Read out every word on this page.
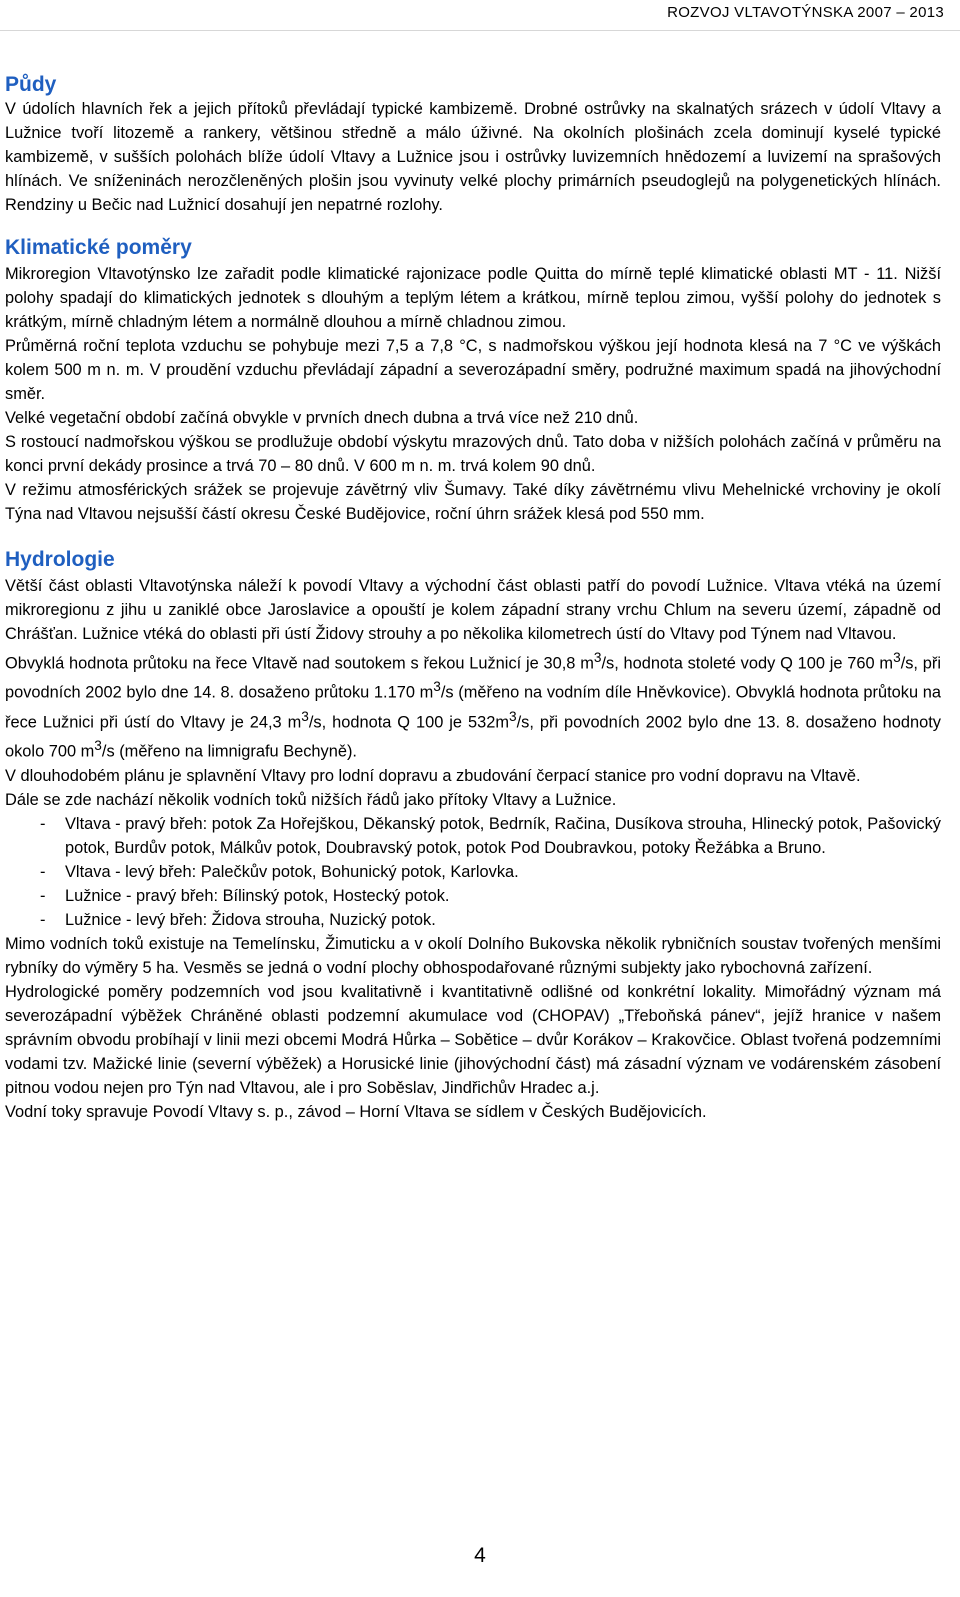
ROZVOJ VLTAVOTÝNSKA 2007 – 2013
Půdy

V údolích hlavních řek a jejich přítoků převládají typické kambizemě. Drobné ostrůvky na skalnatých srázech v údolí Vltavy a Lužnice tvoří litozemě a rankery, většinou středně a málo úživné. Na okolních plošinách zcela dominují kyselé typické kambizemě, v sušších polohách blíže údolí Vltavy a Lužnice jsou i ostrůvky luvizemních hnědozemí a luvizemí na sprašových hlínách. Ve sníženinách nerozčleněných plošin jsou vyvinuty velké plochy primárních pseudoglejů na polygenetických hlínách. Rendziny u Bečic nad Lužnicí dosahují jen nepatrné rozlohy.

Klimatické poměry

Mikroregion Vltavotýnsko lze zařadit podle klimatické rajonizace podle Quitta do mírně teplé klimatické oblasti MT - 11. Nižší polohy spadají do klimatických jednotek s dlouhým a teplým létem a krátkou, mírně teplou zimou, vyšší polohy do jednotek s krátkým, mírně chladným létem a normálně dlouhou a mírně chladnou zimou.

Průměrná roční teplota vzduchu se pohybuje mezi 7,5 a 7,8 °C, s nadmořskou výškou její hodnota klesá na 7 °C ve výškách kolem 500 m n. m. V proudění vzduchu převládají západní a severozápadní směry, podružné maximum spadá na jihovýchodní směr.

Velké vegetační období začíná obvykle v prvních dnech dubna a trvá více než 210 dnů.

S rostoucí nadmořskou výškou se prodlužuje období výskytu mrazových dnů. Tato doba v nižších polohách začíná v průměru na konci první dekády prosince a trvá 70 – 80 dnů. V 600 m n. m. trvá kolem 90 dnů.

V režimu atmosférických srážek se projevuje závětrný vliv Šumavy. Také díky závětrnému vlivu Mehelnické vrchoviny je okolí Týna nad Vltavou nejsušší částí okresu České Budějovice, roční úhrn srážek klesá pod 550 mm.

Hydrologie

Větší část oblasti Vltavotýnska náleží k povodí Vltavy a východní část oblasti patří do povodí Lužnice. Vltava vtéká na území mikroregionu z jihu u zaniklé obce Jaroslavice a opouští je kolem západní strany vrchu Chlum na severu území, západně od Chrášťan. Lužnice vtéká do oblasti při ústí Židovy strouhy a po několika kilometrech ústí do Vltavy pod Týnem nad Vltavou.

Obvyklá hodnota průtoku na řece Vltavě nad soutokem s řekou Lužnicí je 30,8 $m^3/s$, hodnota stoleté vody Q 100 je 760 $m^3/s$, při povodních 2002 bylo dne 14. 8. dosaženo průtoku 1.170 $m^3/s$ (měřeno na vodním díle Hněvkovice). Obvyklá hodnota průtoku na řece Lužnici při ústí do Vltavy je 24,3 $m^3/s$, hodnota Q 100 je $532m^3/s$, při povodních 2002 bylo dne 13. 8. dosaženo hodnoty okolo 700 $m^3/s$ (měřeno na limnigrafu Bechyně).

V dlouhodobém plánu je splavnění Vltavy pro lodní dopravu a zbudování čerpací stanice pro vodní dopravu na Vltavě.

Dále se zde nachází několik vodních toků nižších řádů jako přítoky Vltavy a Lužnice.

- Vltava - pravý břeh: potok Za Hořejškou, Děkanský potok, Bedrník, Račina, Dusíkova strouha, Hlinecký potok, Pašovický potok, Burdův potok, Málkův potok, Doubravský potok, potok Pod Doubravkou, potoky Řežábka a Bruno.
- Vltava - levý břeh: Palečkův potok, Bohunický potok, Karlovka.
- Lužnice - pravý břeh: Bílinský potok, Hostecký potok.
- Lužnice - levý břeh: Židova strouha, Nuzický potok.

Mimo vodních toků existuje na Temelínsku, Žimuticku a v okolí Dolního Bukovska několik rybničních soustav tvořených menšími rybníky do výměry 5 ha. Vesměs se jedná o vodní plochy obhospodařované různými subjekty jako rybochovná zařízení.

Hydrologické poměry podzemních vod jsou kvalitativně i kvantitativně odlišné od konkrétní lokality. Mimořádný význam má severozápadní výběžek Chráněné oblasti podzemní akumulace vod (CHOPAV) „Třeboňská pánev“, jejíž hranice v našem správním obvodu probíhají v linii mezi obcemi Modrá Hůrka – Sobětice – dvůr Korákov – Krakovčice. Oblast tvořená podzemními vodami tzv. Mažické linie (severní výběžek) a Horusické linie (jihovýchodní část) má zásadní význam ve vodárenském zásobení pitnou vodou nejen pro Týn nad Vltavou, ale i pro Soběslav, Jindřichův Hradec a.j.

Vodní toky spravuje Povodí Vltavy s. p., závod – Horní Vltava se sídlem v Českých Budějovicích.

4
